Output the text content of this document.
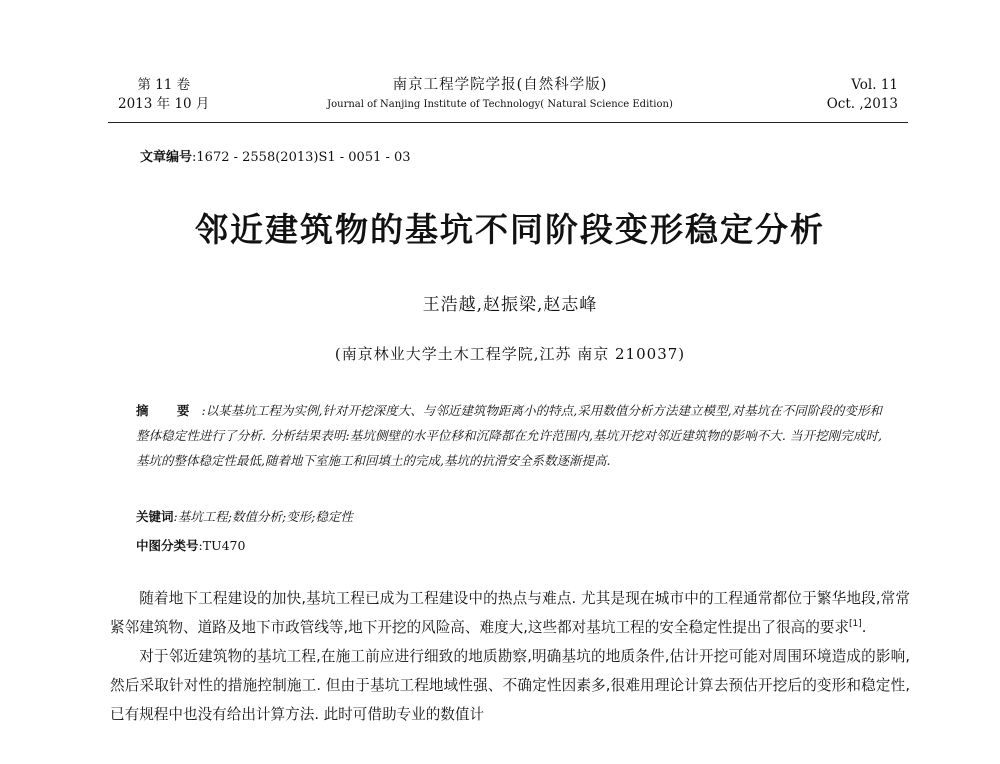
第 11 卷
2013 年 10 月
南京工程学院学报(自然科学版)
Journal of Nanjing Institute of Technology( Natural Science Edition)
Vol. 11
Oct. ,2013
文章编号:1672 - 2558(2013)S1 - 0051 - 03
邻近建筑物的基坑不同阶段变形稳定分析
王浩越,赵振梁,赵志峰
(南京林业大学土木工程学院,江苏 南京 210037)
摘 要:以某基坑工程为实例,针对开挖深度大、与邻近建筑物距离小的特点,采用数值分析方法建立模型,对基坑在不同阶段的变形和整体稳定性进行了分析. 分析结果表明:基坑侧壁的水平位移和沉降都在允许范围内,基坑开挖对邻近建筑物的影响不大. 当开挖刚完成时,基坑的整体稳定性最低,随着地下室施工和回填土的完成,基坑的抗滑安全系数逐渐提高.
关键词:基坑工程;数值分析;变形;稳定性
中图分类号:TU470

随着地下工程建设的加快,基坑工程已成为工程建设中的热点与难点. 尤其是现在城市中的工程通常都位于繁华地段,常常紧邻建筑物、道路及地下市政管线等,地下开挖的风险高、难度大,这些都对基坑工程的安全稳定性提出了很高的要求[1].

对于邻近建筑物的基坑工程,在施工前应进行细致的地质勘察,明确基坑的地质条件,估计开挖可能对周围环境造成的影响,然后采取针对性的措施控制施工. 但由于基坑工程地域性强、不确定性因素多,很难用理论计算去预估开挖后的变形和稳定性,已有规程中也没有给出计算方法. 此时可借助专业的数值计
